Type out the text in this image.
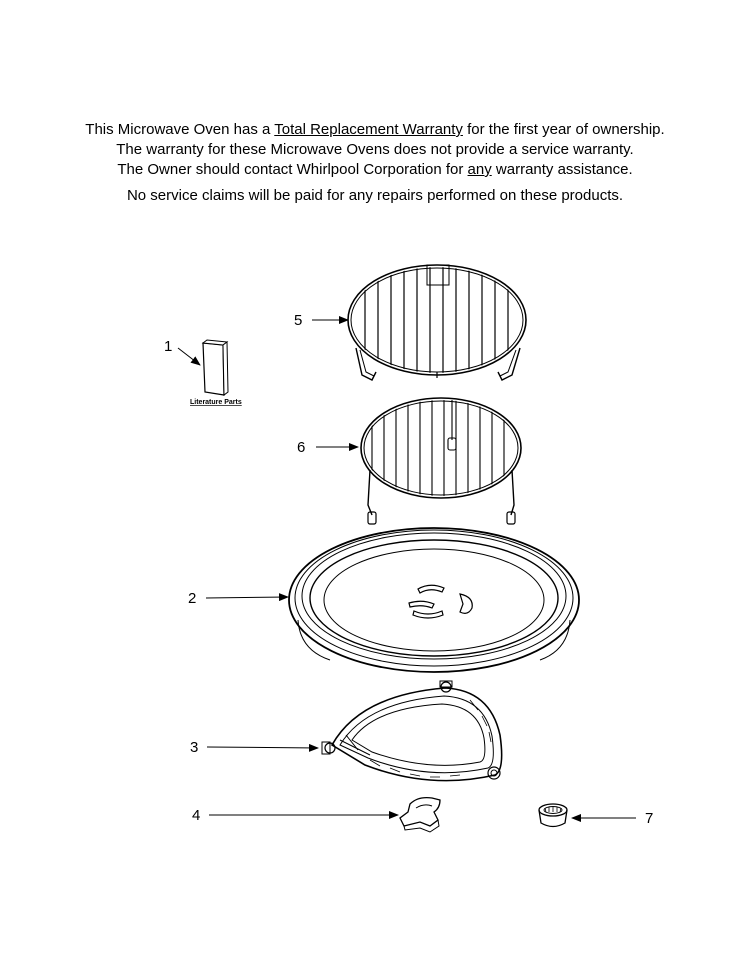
This Microwave Oven has a Total Replacement Warranty for the first year of ownership.

The warranty for these Microwave Ovens does not provide a service warranty.

The Owner should contact Whirlpool Corporation for any warranty assistance.

No service claims will be paid for any repairs performed on these products.

Literature Parts
1
5
6
2
3
4	7
